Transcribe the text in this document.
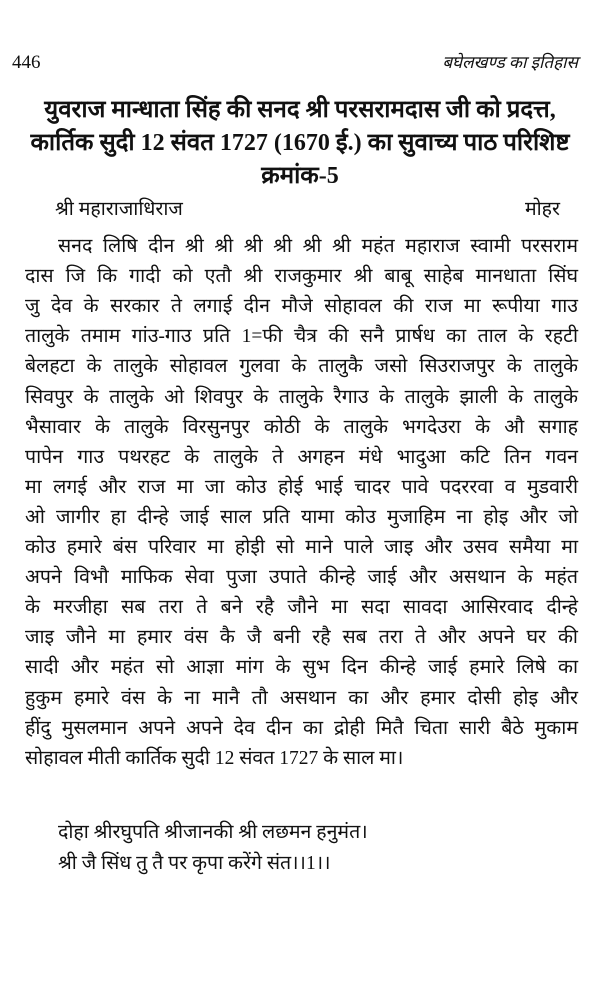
446	बघेलखण्ड का इतिहास
युवराज मान्धाता सिंह की सनद श्री परसरामदास जी को प्रदत्त,
कार्तिक सुदी 12 संवत 1727 (1670 ई.) का सुवाच्य पाठ परिशिष्ट
क्रमांक-5
श्री महाराजाधिराज	मोहर
सनद लिषि दीन श्री श्री श्री श्री श्री श्री महंत महाराज स्वामी परसराम
दास जि कि गादी को एतौ श्री राजकुमार श्री बाबू साहेब मानधाता सिंघ
जु देव के सरकार ते लगाई दीन मौजे सोहावल की राज मा रूपीया गाउ
तालुके तमाम गांउ-गाउ प्रति 1=फी चैत्र की सनै प्रार्षध का ताल के रहटी
बेलहटा के तालुके सोहावल गुलवा के तालुकै जसो सिउराजपुर के तालुके
सिवपुर के तालुके ओ शिवपुर के तालुके रैगाउ के तालुके झाली के तालुके
भैसावार के तालुके विरसुनपुर कोठी के तालुके भगदेउरा के औ सगाह
पापेन गाउ पथरहट के तालुके ते अगहन मंधे भादुआ कटि तिन गवन
मा लगई और राज मा जा कोउ होई भाई चादर पावे पदररवा व मुडवारी
ओ जागीर हा दीन्हे जाई साल प्रति यामा कोउ मुजाहिम ना होइ और जो
कोउ हमारे बंस परिवार मा होइी सो माने पाले जाइ और उसव समैया मा
अपने विभौ माफिक सेवा पुजा उपाते कीन्हे जाई और असथान के महंत
के मरजीहा सब तरा ते बने रहै जौने मा सदा सावदा आसिरवाद दीन्हे
जाइ जौने मा हमार वंस कै जै बनी रहै सब तरा ते और अपने घर की
सादी और महंत सो आज्ञा मांग के सुभ दिन कीन्हे जाई हमारे लिषे का
हुकुम हमारे वंस के ना मानै तौ असथान का और हमार दोसी होइ और
हींदु मुसलमान अपने अपने देव दीन का द्रोही मितै चिता सारी बैठे मुकाम
सोहावल मीती कार्तिक सुदी 12 संवत 1727 के साल मा।
दोहा श्रीरघुपति श्रीजानकी श्री लछमन हनुमंत।
श्री जै सिंध तु तै पर कृपा करेंगे संत।।1।।
